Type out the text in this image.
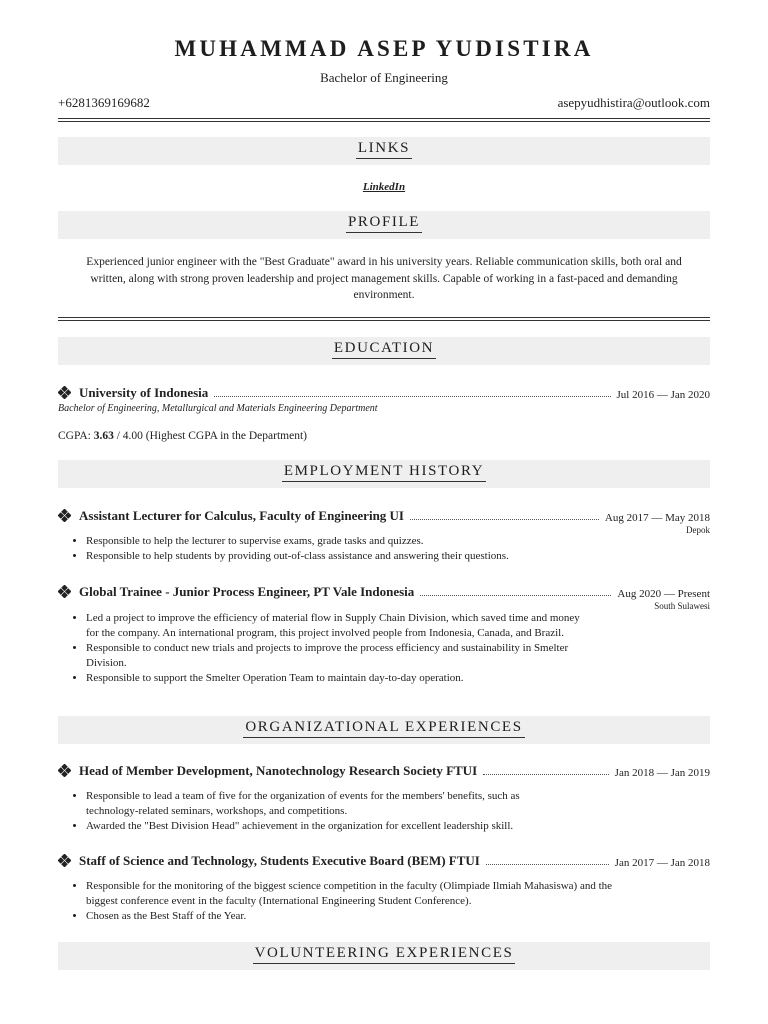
MUHAMMAD ASEP YUDISTIRA
Bachelor of Engineering
+6281369169682	asepyudhistira@outlook.com
LINKS
LinkedIn
PROFILE
Experienced junior engineer with the "Best Graduate" award in his university years. Reliable communication skills, both oral and written, along with strong proven leadership and project management skills. Capable of working in a fast-paced and demanding environment.
EDUCATION
University of Indonesia	Jul 2016 — Jan 2020
Bachelor of Engineering, Metallurgical and Materials Engineering Department
CGPA: 3.63 / 4.00 (Highest CGPA in the Department)
EMPLOYMENT HISTORY
Assistant Lecturer for Calculus, Faculty of Engineering UI	Aug 2017 — May 2018
Depok
• Responsible to help the lecturer to supervise exams, grade tasks and quizzes.
• Responsible to help students by providing out-of-class assistance and answering their questions.
Global Trainee - Junior Process Engineer, PT Vale Indonesia	Aug 2020 — Present
South Sulawesi
• Led a project to improve the efficiency of material flow in Supply Chain Division, which saved time and money for the company. An international program, this project involved people from Indonesia, Canada, and Brazil.
• Responsible to conduct new trials and projects to improve the process efficiency and sustainability in Smelter Division.
• Responsible to support the Smelter Operation Team to maintain day-to-day operation.
ORGANIZATIONAL EXPERIENCES
Head of Member Development, Nanotechnology Research Society FTUI	Jan 2018 — Jan 2019
• Responsible to lead a team of five for the organization of events for the members' benefits, such as technology-related seminars, workshops, and competitions.
• Awarded the "Best Division Head" achievement in the organization for excellent leadership skill.
Staff of Science and Technology, Students Executive Board (BEM) FTUI	Jan 2017 — Jan 2018
• Responsible for the monitoring of the biggest science competition in the faculty (Olimpiade Ilmiah Mahasiswa) and the biggest conference event in the faculty (International Engineering Student Conference).
• Chosen as the Best Staff of the Year.
VOLUNTEERING EXPERIENCES
